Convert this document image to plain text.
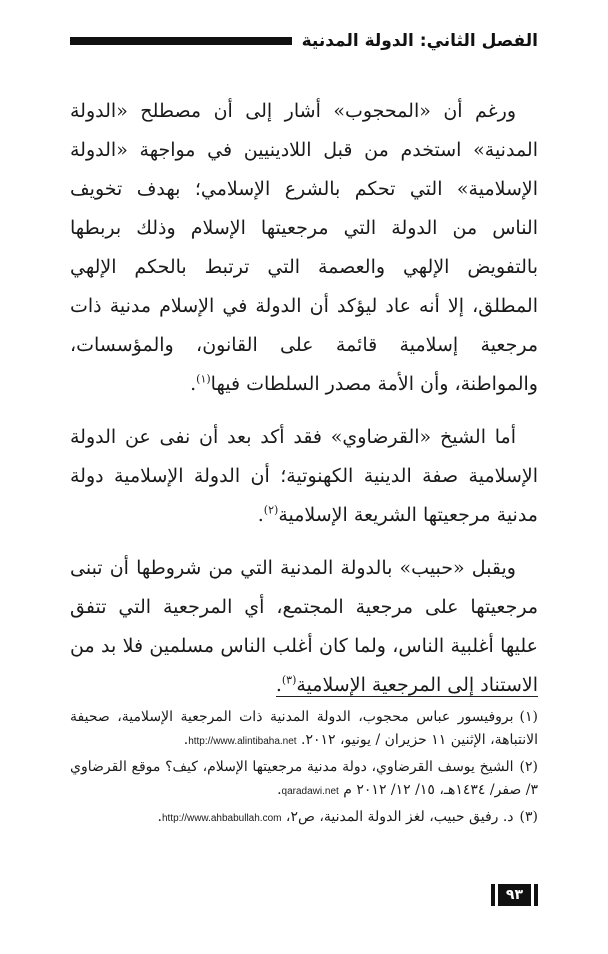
الفصل الثاني: الدولة المدنية

ورغم أن «المحجوب» أشار إلى أن مصطلح «الدولة المدنية» استخدم من قبل اللادينيين في مواجهة «الدولة الإسلامية» التي تحكم بالشرع الإسلامي؛ بهدف تخويف الناس من الدولة التي مرجعيتها الإسلام وذلك بربطها بالتفويض الإلهي والعصمة التي ترتبط بالحكم الإلهي المطلق، إلا أنه عاد ليؤكد أن الدولة في الإسلام مدنية ذات مرجعية إسلامية قائمة على القانون، والمؤسسات، والمواطنة، وأن الأمة مصدر السلطات فيها$^{(١)}$.

أما الشيخ «القرضاوي» فقد أكد بعد أن نفى عن الدولة الإسلامية صفة الدينية الكهنوتية؛ أن الدولة الإسلامية دولة مدنية مرجعيتها الشريعة الإسلامية$^{(٢)}$.

ويقبل «حبيب» بالدولة المدنية التي من شروطها أن تبنى مرجعيتها على مرجعية المجتمع، أي المرجعية التي تتفق عليها أغلبية الناس، ولما كان أغلب الناس مسلمين فلا بد من الاستناد إلى المرجعية الإسلامية$^{(٣)}$.

(١)بروفيسور عباس محجوب، الدولة المدنية ذات المرجعية الإسلامية، صحيفة الانتباهة، الإثنين ١١ حزيران / يونيو، ٢٠١٢. http://www.alintibaha.net.

(٢)الشيخ يوسف القرضاوي، دولة مدنية مرجعيتها الإسلام، كيف؟ موقع القرضاوي ٣/ صفر/ ١٤٣٤هـ، ١٥/ ١٢/ ٢٠١٢ م qaradawi.net.

(٣)د. رفيق حبيب، لغز الدولة المدنية، ص٢، http://www.ahbabullah.com.

٩٣
